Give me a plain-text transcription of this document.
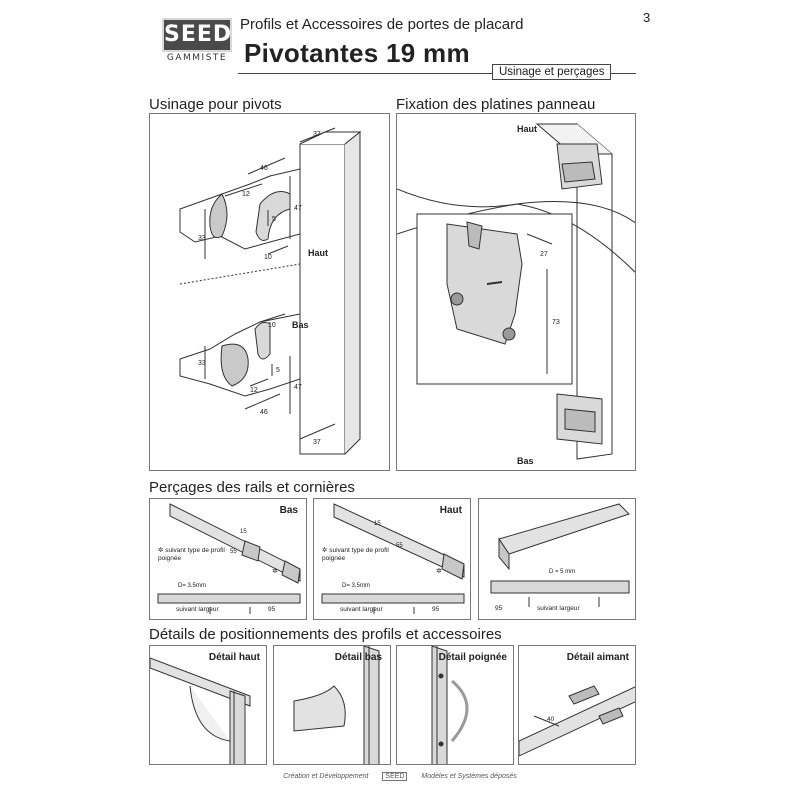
SEED
GAMMISTE
Profils et Accessoires de portes de placard
Pivotantes 19 mm
3
Usinage et perçages
Usinage pour pivots	Fixation des platines panneau
46
37
12
47
5
33
10
10
33
5
12	47
46
37
Haut
Bas
Haut
Bas
27
73
Perçages des rails et cornières
Bas
✲ suivant type de profil poignée
15
55
✲
D= 3.5mm
suivant largeur	95
Haut
✲ suivant type de profil poignée
15
55
✲
D= 3.5mm
suivant largeur	95
D = 5 mm
95	suivant largeur
Détails de positionnements des profils et accessoires
Détail haut	Détail bas	Détail poignée	Détail aimant
40
Création et Développement SEED Modèles et Systèmes déposés
